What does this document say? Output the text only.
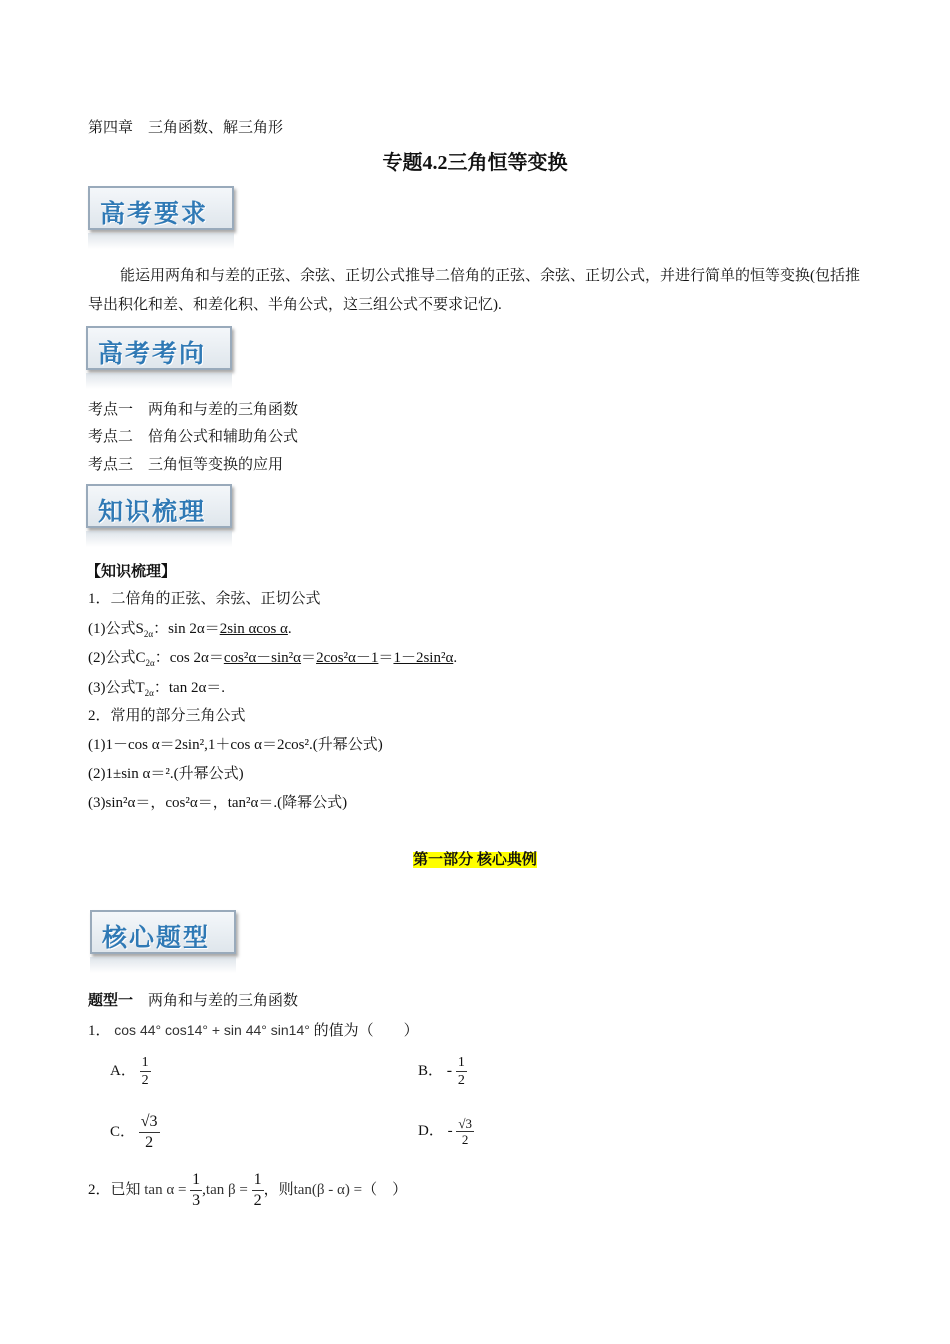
第四章　三角函数、解三角形
专题4.2三角恒等变换
高考要求
能运用两角和与差的正弦、余弦、正切公式推导二倍角的正弦、余弦、正切公式，并进行简单的恒等变换(包括推导出积化和差、和差化积、半角公式，这三组公式不要求记忆).
高考考向
考点一　两角和与差的三角函数
考点二　倍角公式和辅助角公式
考点三　三角恒等变换的应用
知识梳理
【知识梳理】
1．二倍角的正弦、余弦、正切公式
(1)公式$S_{2\alpha}$：sin 2α＝2sin αcos α.
(2)公式$C_{2\alpha}$：cos 2α＝cos²α－sin²α＝2cos²α－1＝1－2sin²α.
(3)公式$T_{2\alpha}$：tan 2α＝.
2．常用的部分三角公式
(1)1－cos α＝2sin²,1＋cos α＝2cos².(升幂公式)
(2)1±sin α＝².(升幂公式)
(3)sin²α＝，cos²α＝，tan²α＝.(降幂公式)
第一部分 核心典例
核心题型
题型一　 两角和与差的三角函数
1． cos 44° cos14° + sin 44° sin14° 的值为（　　）
A． $\frac{1}{2}$	B． - $\frac{1}{2}$
C． $\frac{√3}{2}$	D． - $\frac{√3}{2}$
2．已知 $\tan \alpha = \frac{1}{3} ,\tan$ $\beta = \frac{1}{2}$ ，则tan(β - α) =（　）
